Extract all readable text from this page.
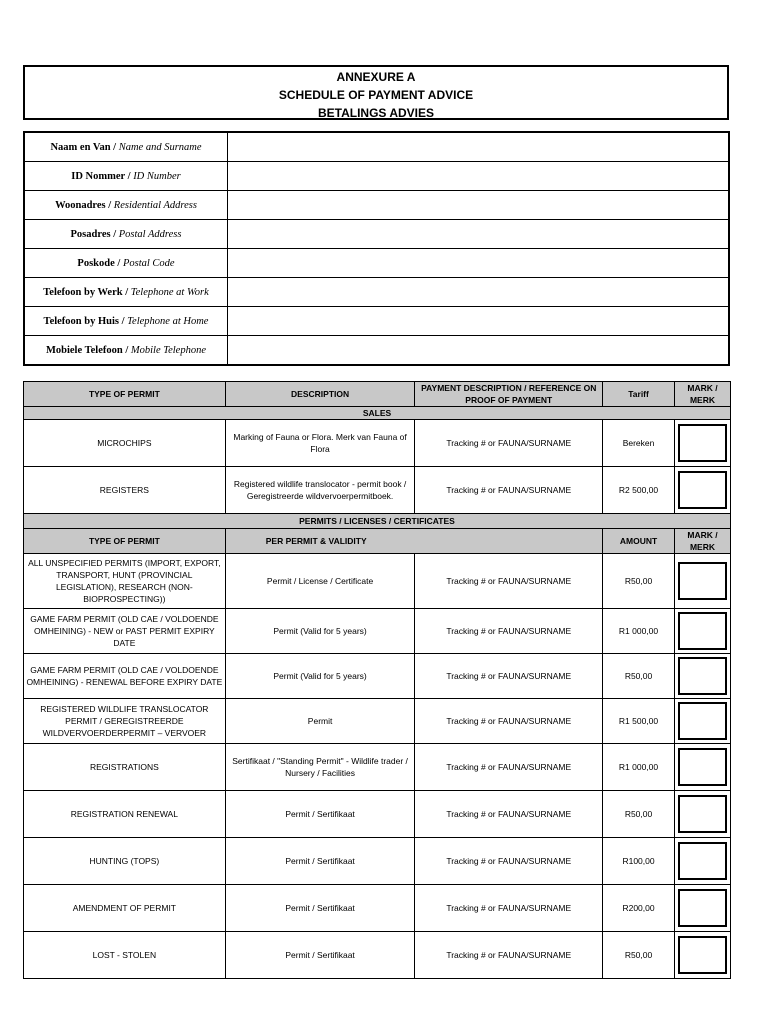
ANNEXURE A
SCHEDULE OF PAYMENT ADVICE
BETALINGS ADVIES
Naam en Van / Name and Surname	
ID Nommer / ID Number	
Woonadres / Residential Address	
Posadres / Postal Address	
Poskode / Postal Code	
Telefoon by Werk / Telephone at Work	
Telefoon by Huis / Telephone at Home	
Mobiele Telefoon / Mobile Telephone	
TYPE OF PERMIT	DESCRIPTION	PAYMENT DESCRIPTION / REFERENCE ON PROOF OF PAYMENT	Tariff	MARK / MERK
SALES				
MICROCHIPS	Marking of Fauna or Flora. Merk van Fauna of Flora	Tracking # or FAUNA/SURNAME	Bereken	

REGISTERS	Registered wildlife translocator - permit book / Geregistreerde wildvervoerpermitboek.	Tracking # or FAUNA/SURNAME	R2 500,00	

PERMITS / LICENSES / CERTIFICATES				
TYPE OF PERMIT	PER PERMIT & VALIDITY		AMOUNT	MARK / MERK
ALL UNSPECIFIED PERMITS (IMPORT, EXPORT, TRANSPORT, HUNT (PROVINCIAL LEGISLATION), RESEARCH (NON-BIOPROSPECTING))	Permit / License / Certificate	Tracking # or FAUNA/SURNAME	R50,00	

GAME FARM PERMIT (OLD CAE / VOLDOENDE OMHEINING) - NEW or PAST PERMIT EXPIRY DATE	Permit (Valid for 5 years)	Tracking # or FAUNA/SURNAME	R1 000,00	

GAME FARM PERMIT (OLD CAE / VOLDOENDE OMHEINING) - RENEWAL BEFORE EXPIRY DATE	Permit (Valid for 5 years)	Tracking # or FAUNA/SURNAME	R50,00	

REGISTERED WILDLIFE TRANSLOCATOR PERMIT / GEREGISTREERDE WILDVERVOERDERPERMIT – VERVOER	Permit	Tracking # or FAUNA/SURNAME	R1 500,00	

REGISTRATIONS	Sertifikaat / "Standing Permit" - Wildlife trader / Nursery / Facilities	Tracking # or FAUNA/SURNAME	R1 000,00	

REGISTRATION RENEWAL	Permit / Sertifikaat	Tracking # or FAUNA/SURNAME	R50,00	

HUNTING (TOPS)	Permit / Sertifikaat	Tracking # or FAUNA/SURNAME	R100,00	

AMENDMENT OF PERMIT	Permit / Sertifikaat	Tracking # or FAUNA/SURNAME	R200,00	

LOST - STOLEN	Permit / Sertifikaat	Tracking # or FAUNA/SURNAME	R50,00	
